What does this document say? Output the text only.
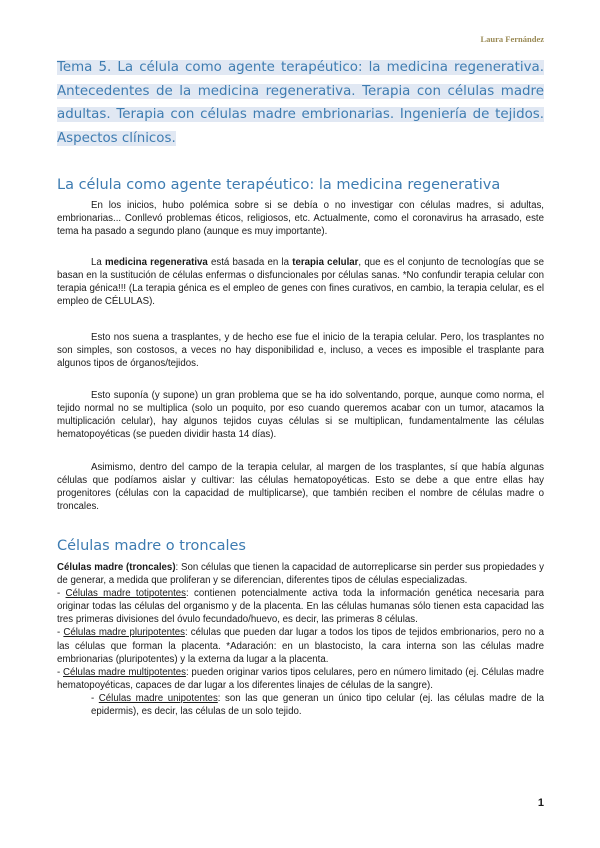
Laura Fernández
Tema 5. La célula como agente terapéutico: la medicina regenerativa. Antecedentes de la medicina regenerativa. Terapia con células madre adultas. Terapia con células madre embrionarias. Ingeniería de tejidos. Aspectos clínicos.
La célula como agente terapéutico: la medicina regenerativa

En los inicios, hubo polémica sobre si se debía o no investigar con células madres, si adultas, embrionarias... Conllevó problemas éticos, religiosos, etc. Actualmente, como el coronavirus ha arrasado, este tema ha pasado a segundo plano (aunque es muy importante).

La medicina regenerativa está basada en la terapia celular, que es el conjunto de tecnologías que se basan en la sustitución de células enfermas o disfuncionales por células sanas. *No confundir terapia celular con terapia génica!!! (La terapia génica es el empleo de genes con fines curativos, en cambio, la terapia celular, es el empleo de CÉLULAS).

Esto nos suena a trasplantes, y de hecho ese fue el inicio de la terapia celular. Pero, los trasplantes no son simples, son costosos, a veces no hay disponibilidad e, incluso, a veces es imposible el trasplante para algunos tipos de órganos/tejidos.

Esto suponía (y supone) un gran problema que se ha ido solventando, porque, aunque como norma, el tejido normal no se multiplica (solo un poquito, por eso cuando queremos acabar con un tumor, atacamos la multiplicación celular), hay algunos tejidos cuyas células si se multiplican, fundamentalmente las células hematopoyéticas (se pueden dividir hasta 14 días).

Asimismo, dentro del campo de la terapia celular, al margen de los trasplantes, sí que había algunas células que podíamos aislar y cultivar: las células hematopoyéticas. Esto se debe a que entre ellas hay progenitores (células con la capacidad de multiplicarse), que también reciben el nombre de células madre o troncales.

Células madre o troncales
Células madre (troncales): Son células que tienen la capacidad de autorreplicarse sin perder sus propiedades y de generar, a medida que proliferan y se diferencian, diferentes tipos de células especializadas.
- Células madre totipotentes: contienen potencialmente activa toda la información genética necesaria para originar todas las células del organismo y de la placenta. En las células humanas sólo tienen esta capacidad las tres primeras divisiones del óvulo fecundado/huevo, es decir, las primeras 8 células.
- Células madre pluripotentes: células que pueden dar lugar a todos los tipos de tejidos embrionarios, pero no a las células que forman la placenta. *Adaración: en un blastocisto, la cara interna son las células madre embrionarias (pluripotentes) y la externa da lugar a la placenta.
- Células madre multipotentes: pueden originar varios tipos celulares, pero en número limitado (ej. Células madre hematopoyéticas, capaces de dar lugar a los diferentes linajes de células de la sangre).
- Células madre unipotentes: son las que generan un único tipo celular (ej. las células madre de la epidermis), es decir, las células de un solo tejido.
1
